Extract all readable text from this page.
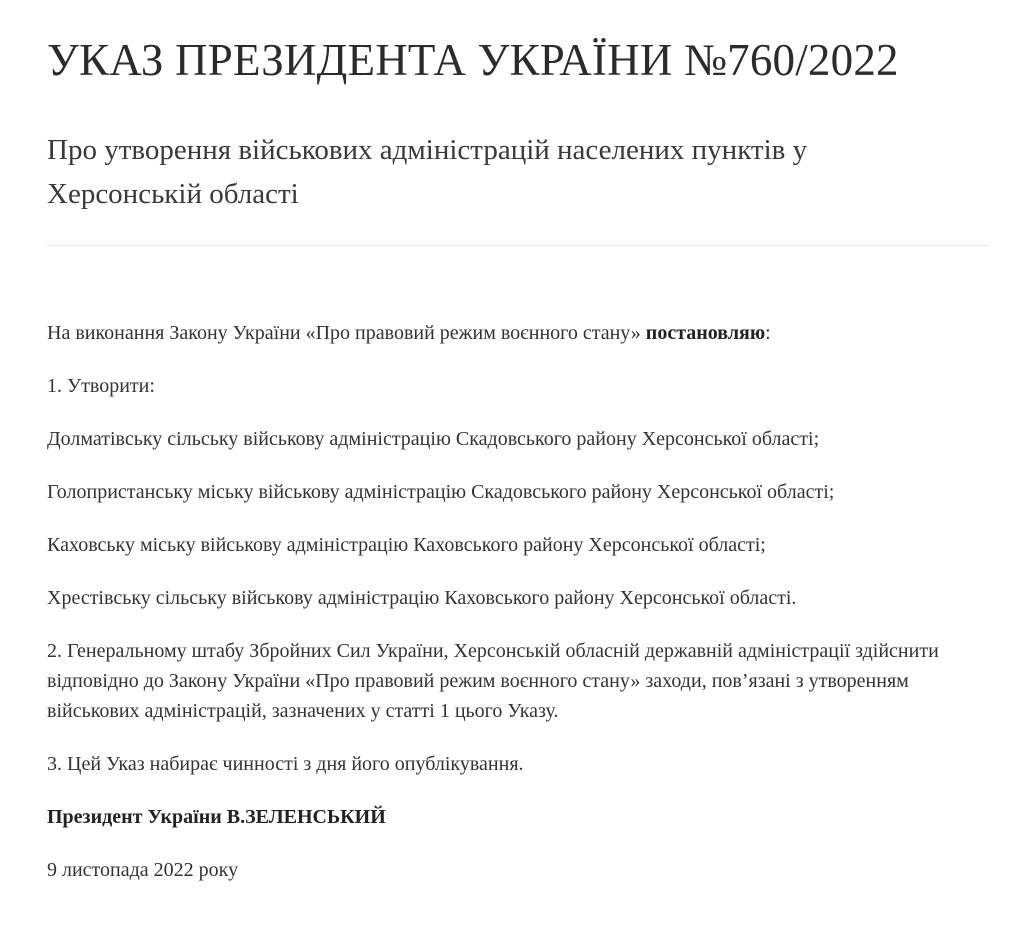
УКАЗ ПРЕЗИДЕНТА УКРАЇНИ №760/2022
Про утворення військових адміністрацій населених пунктів у Херсонській області

На виконання Закону України «Про правовий режим воєнного стану» постановляю:

1. Утворити:

Долматівську сільську військову адміністрацію Скадовського району Херсонської області;

Голопристанську міську військову адміністрацію Скадовського району Херсонської області;

Каховську міську військову адміністрацію Каховського району Херсонської області;

Хрестівську сільську військову адміністрацію Каховського району Херсонської області.

2. Генеральному штабу Збройних Сил України, Херсонській обласній державній адміністрації здійснити відповідно до Закону України «Про правовий режим воєнного стану» заходи, пов’язані з утворенням військових адміністрацій, зазначених у статті 1 цього Указу.

3. Цей Указ набирає чинності з дня його опублікування.

Президент України В.ЗЕЛЕНСЬКИЙ

9 листопада 2022 року
